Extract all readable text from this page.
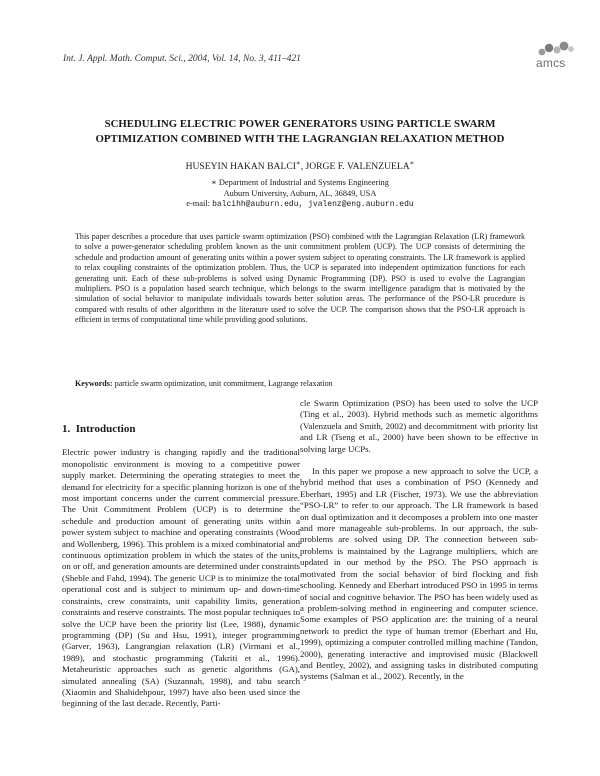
Int. J. Appl. Math. Comput. Sci., 2004, Vol. 14, No. 3, 411–421	amcs
SCHEDULING ELECTRIC POWER GENERATORS USING PARTICLE SWARM
OPTIMIZATION COMBINED WITH THE LAGRANGIAN RELAXATION METHOD
HUSEYIN HAKAN BALCI∗, JORGE F. VALENZUELA∗
∗ Department of Industrial and Systems Engineering
Auburn University, Auburn, AL, 36849, USA
e-mail: balcihh@auburn.edu, jvalenz@eng.auburn.edu
This paper describes a procedure that uses particle swarm optimization (PSO) combined with the Lagrangian Relaxation (LR) framework to solve a power-generator scheduling problem known as the unit commitment problem (UCP). The UCP consists of determining the schedule and production amount of generating units within a power system subject to operating constraints. The LR framework is applied to relax coupling constraints of the optimization problem. Thus, the UCP is separated into independent optimization functions for each generating unit. Each of these sub-problems is solved using Dynamic Programming (DP). PSO is used to evolve the Lagrangian multipliers. PSO is a population based search technique, which belongs to the swarm intelligence paradigm that is motivated by the simulation of social behavior to manipulate individuals towards better solution areas. The performance of the PSO-LR procedure is compared with results of other algorithms in the literature used to solve the UCP. The comparison shows that the PSO-LR approach is efficient in terms of computational time while providing good solutions.
Keywords: particle swarm optimization, unit commitment, Lagrange relaxation
1. Introduction

Electric power industry is changing rapidly and the traditional monopolistic environment is moving to a competitive power supply market. Determining the operating strategies to meet the demand for electricity for a specific planning horizon is one of the most important concerns under the current commercial pressure. The Unit Commitment Problem (UCP) is to determine the schedule and production amount of generating units within a power system subject to machine and operating constraints (Wood and Wollenberg, 1996). This problem is a mixed combinatorial and continuous optimization problem in which the states of the units, on or off, and generation amounts are determined under constraints (Sheble and Fahd, 1994). The generic UCP is to minimize the total operational cost and is subject to minimum up- and down-time constraints, crew constraints, unit capability limits, generation constraints and reserve constraints. The most popular techniques to solve the UCP have been the priority list (Lee, 1988), dynamic programming (DP) (Su and Hsu, 1991), integer programming (Garver, 1963), Langrangian relaxation (LR) (Virmani et al., 1989), and stochastic programming (Takriti et al., 1996). Metaheuristic approaches such as genetic algorithms (GA), simulated annealing (SA) (Suzannah, 1998), and tabu search (Xiaomin and Shahidehpour, 1997) have also been used since the beginning of the last decade. Recently, Parti-

cle Swarm Optimization (PSO) has been used to solve the UCP (Ting et al., 2003). Hybrid methods such as memetic algorithms (Valenzuela and Smith, 2002) and decommitment with priority list and LR (Tseng et al., 2000) have been shown to be effective in solving large UCPs.

In this paper we propose a new approach to solve the UCP, a hybrid method that uses a combination of PSO (Kennedy and Eberhart, 1995) and LR (Fischer, 1973). We use the abbreviation “PSO-LR” to refer to our approach. The LR framework is based on dual optimization and it decomposes a problem into one master and more manageable sub-problems. In our approach, the sub-problems are solved using DP. The connection between sub-problems is maintained by the Lagrange multipliers, which are updated in our method by the PSO. The PSO approach is motivated from the social behavior of bird flocking and fish schooling. Kennedy and Eberhart introduced PSO in 1995 in terms of social and cognitive behavior. The PSO has been widely used as a problem-solving method in engineering and computer science. Some examples of PSO application are: the training of a neural network to predict the type of human tremor (Eberhart and Hu, 1999), optimizing a computer controlled milling machine (Tandon, 2000), generating interactive and improvised music (Blackwell and Bentley, 2002), and assigning tasks in distributed computing systems (Salman et al., 2002). Recently, in the
